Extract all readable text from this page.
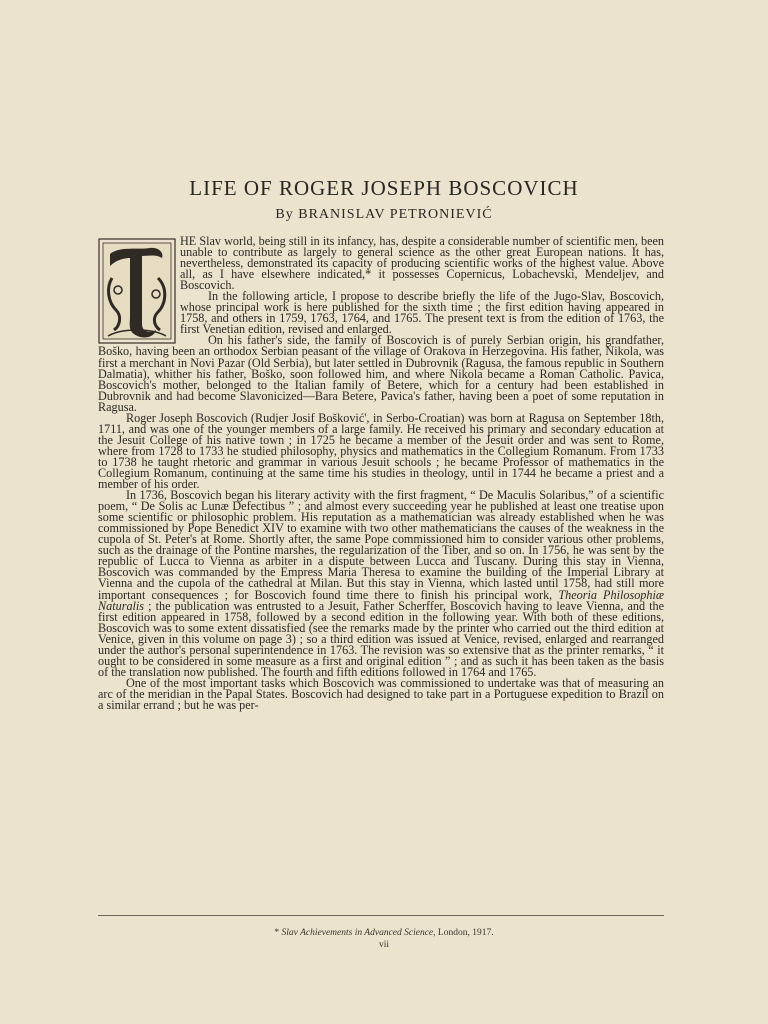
LIFE OF ROGER JOSEPH BOSCOVICH
By BRANISLAV PETRONIEVIĆ

HE Slav world, being still in its infancy, has, despite a considerable number of scientific men, been unable to contribute as largely to general science as the other great European nations. It has, nevertheless, demonstrated its capacity of producing scientific works of the highest value. Above all, as I have elsewhere indicated,* it possesses Copernicus, Lobachevski, Mendeljev, and Boscovich.

In the following article, I propose to describe briefly the life of the Jugo-Slav, Boscovich, whose principal work is here published for the sixth time ; the first edition having appeared in 1758, and others in 1759, 1763, 1764, and 1765. The present text is from the edition of 1763, the first Venetian edition, revised and enlarged.

On his father's side, the family of Boscovich is of purely Serbian origin, his grandfather, Boško, having been an orthodox Serbian peasant of the village of Orakova in Herzegovina. His father, Nikola, was first a merchant in Novi Pazar (Old Serbia), but later settled in Dubrovnik (Ragusa, the famous republic in Southern Dalmatia), whither his father, Boško, soon followed him, and where Nikola became a Roman Catholic. Pavica, Boscovich's mother, belonged to the Italian family of Betere, which for a century had been established in Dubrovnik and had become Slavonicized—Bara Betere, Pavica's father, having been a poet of some reputation in Ragusa.

Roger Joseph Boscovich (Rudjer Josif Bošković', in Serbo-Croatian) was born at Ragusa on September 18th, 1711, and was one of the younger members of a large family. He received his primary and secondary education at the Jesuit College of his native town ; in 1725 he became a member of the Jesuit order and was sent to Rome, where from 1728 to 1733 he studied philosophy, physics and mathematics in the Collegium Romanum. From 1733 to 1738 he taught rhetoric and grammar in various Jesuit schools ; he became Professor of mathematics in the Collegium Romanum, continuing at the same time his studies in theology, until in 1744 he became a priest and a member of his order.

In 1736, Boscovich began his literary activity with the first fragment, “ De Maculis Solaribus,” of a scientific poem, “ De Solis ac Lunæ Defectibus ” ; and almost every succeeding year he published at least one treatise upon some scientific or philosophic problem. His reputation as a mathematician was already established when he was commissioned by Pope Benedict XIV to examine with two other mathematicians the causes of the weakness in the cupola of St. Peter's at Rome. Shortly after, the same Pope commissioned him to consider various other problems, such as the drainage of the Pontine marshes, the regularization of the Tiber, and so on. In 1756, he was sent by the republic of Lucca to Vienna as arbiter in a dispute between Lucca and Tuscany. During this stay in Vienna, Boscovich was commanded by the Empress Maria Theresa to examine the building of the Imperial Library at Vienna and the cupola of the cathedral at Milan. But this stay in Vienna, which lasted until 1758, had still more important consequences ; for Boscovich found time there to finish his principal work, Theoria Philosophiæ Naturalis ; the publication was entrusted to a Jesuit, Father Scherffer, Boscovich having to leave Vienna, and the first edition appeared in 1758, followed by a second edition in the following year. With both of these editions, Boscovich was to some extent dissatisfied (see the remarks made by the printer who carried out the third edition at Venice, given in this volume on page 3) ; so a third edition was issued at Venice, revised, enlarged and rearranged under the author's personal superintendence in 1763. The revision was so extensive that as the printer remarks, “ it ought to be considered in some measure as a first and original edition ” ; and as such it has been taken as the basis of the translation now published. The fourth and fifth editions followed in 1764 and 1765.

One of the most important tasks which Boscovich was commissioned to undertake was that of measuring an arc of the meridian in the Papal States. Boscovich had designed to take part in a Portuguese expedition to Brazil on a similar errand ; but he was per-

* Slav Achievements in Advanced Science, London, 1917.
vii
